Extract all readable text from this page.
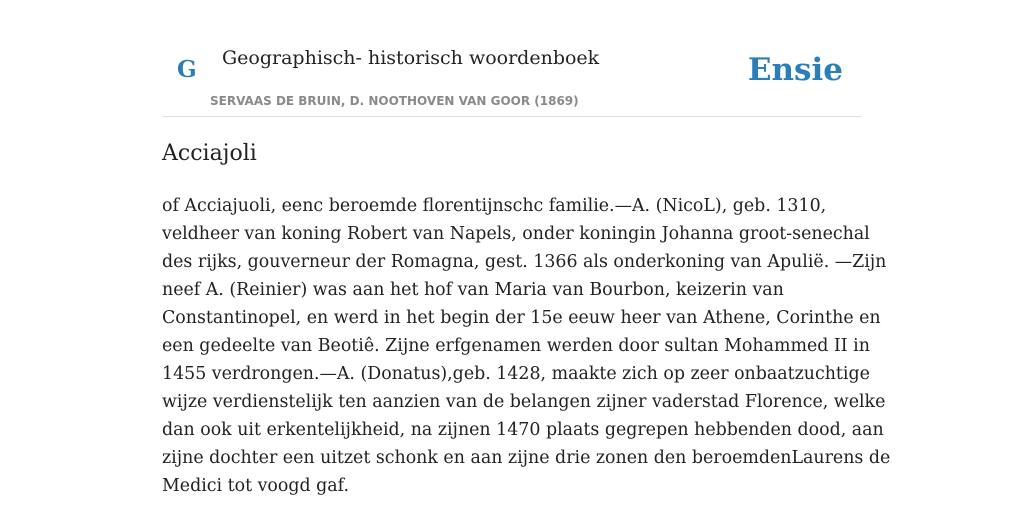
G Geographisch- historisch woordenboek
SERVAAS DE BRUIN, D. NOOTHOVEN VAN GOOR (1869)
Ensie
Acciajoli

of Acciajuoli, eenc beroemde florentijnschc familie.—A. (NicoL), geb. 1310,
veldheer van koning Robert van Napels, onder koningin Johanna groot-senechal
des rijks, gouverneur der Romagna, gest. 1366 als onderkoning van Apulië. —Zijn
neef A. (Reinier) was aan het hof van Maria van Bourbon, keizerin van
Constantinopel, en werd in het begin der 15e eeuw heer van Athene, Corinthe en
een gedeelte van Beotiê. Zijne erfgenamen werden door sultan Mohammed II in
1455 verdrongen.—A. (Donatus),geb. 1428, maakte zich op zeer onbaatzuchtige
wijze verdienstelijk ten aanzien van de belangen zijner vaderstad Florence, welke
dan ook uit erkentelijkheid, na zijnen 1470 plaats gegrepen hebbenden dood, aan
zijne dochter een uitzet schonk en aan zijne drie zonen den beroemdenLaurens de
Medici tot voogd gaf.
